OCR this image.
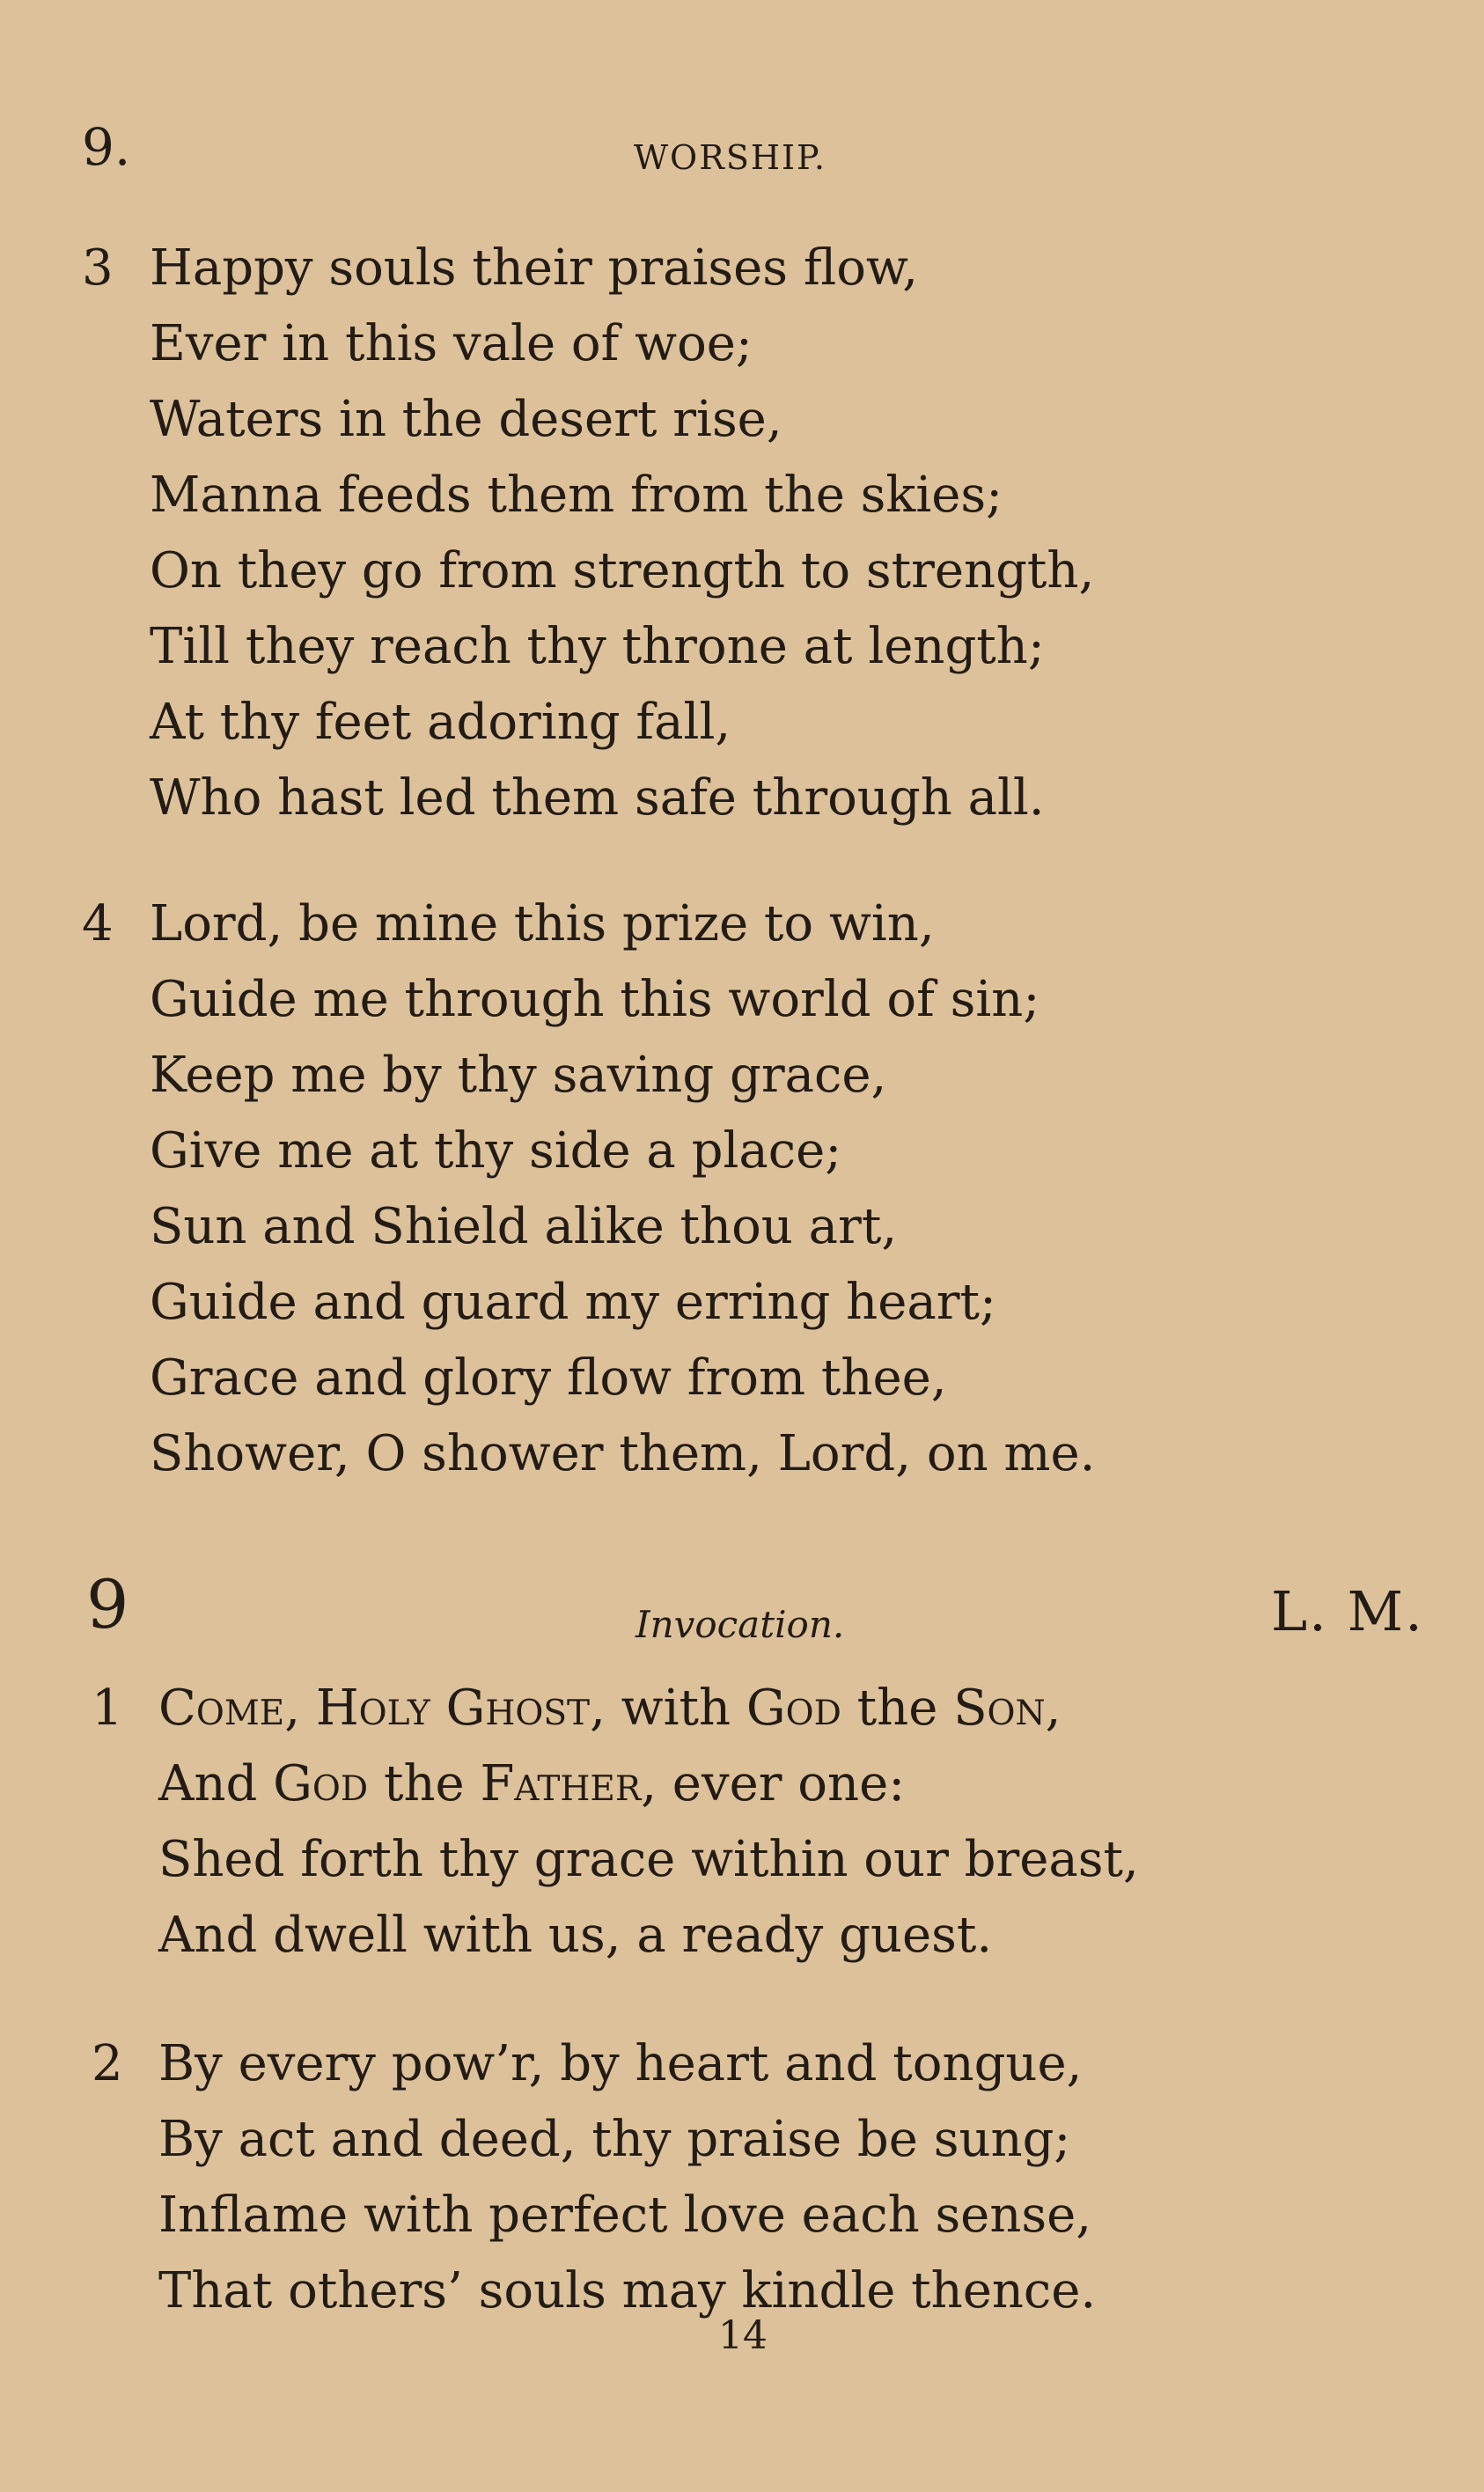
9.	WORSHIP.
3 Happy souls their praises flow,
Ever in this vale of woe;
Waters in the desert rise,
Manna feeds them from the skies;
On they go from strength to strength,
Till they reach thy throne at length;
At thy feet adoring fall,
Who hast led them safe through all.
4 Lord, be mine this prize to win,
Guide me through this world of sin;
Keep me by thy saving grace,
Give me at thy side a place;
Sun and Shield alike thou art,
Guide and guard my erring heart;
Grace and glory flow from thee,
Shower, O shower them, Lord, on me.
9	Invocation.	L. M.
1 Come, Holy Ghost, with God the Son,
And God the Father, ever one:
Shed forth thy grace within our breast,
And dwell with us, a ready guest.
2 By every pow’r, by heart and tongue,
By act and deed, thy praise be sung;
Inflame with perfect love each sense,
That others’ souls may kindle thence.
14
